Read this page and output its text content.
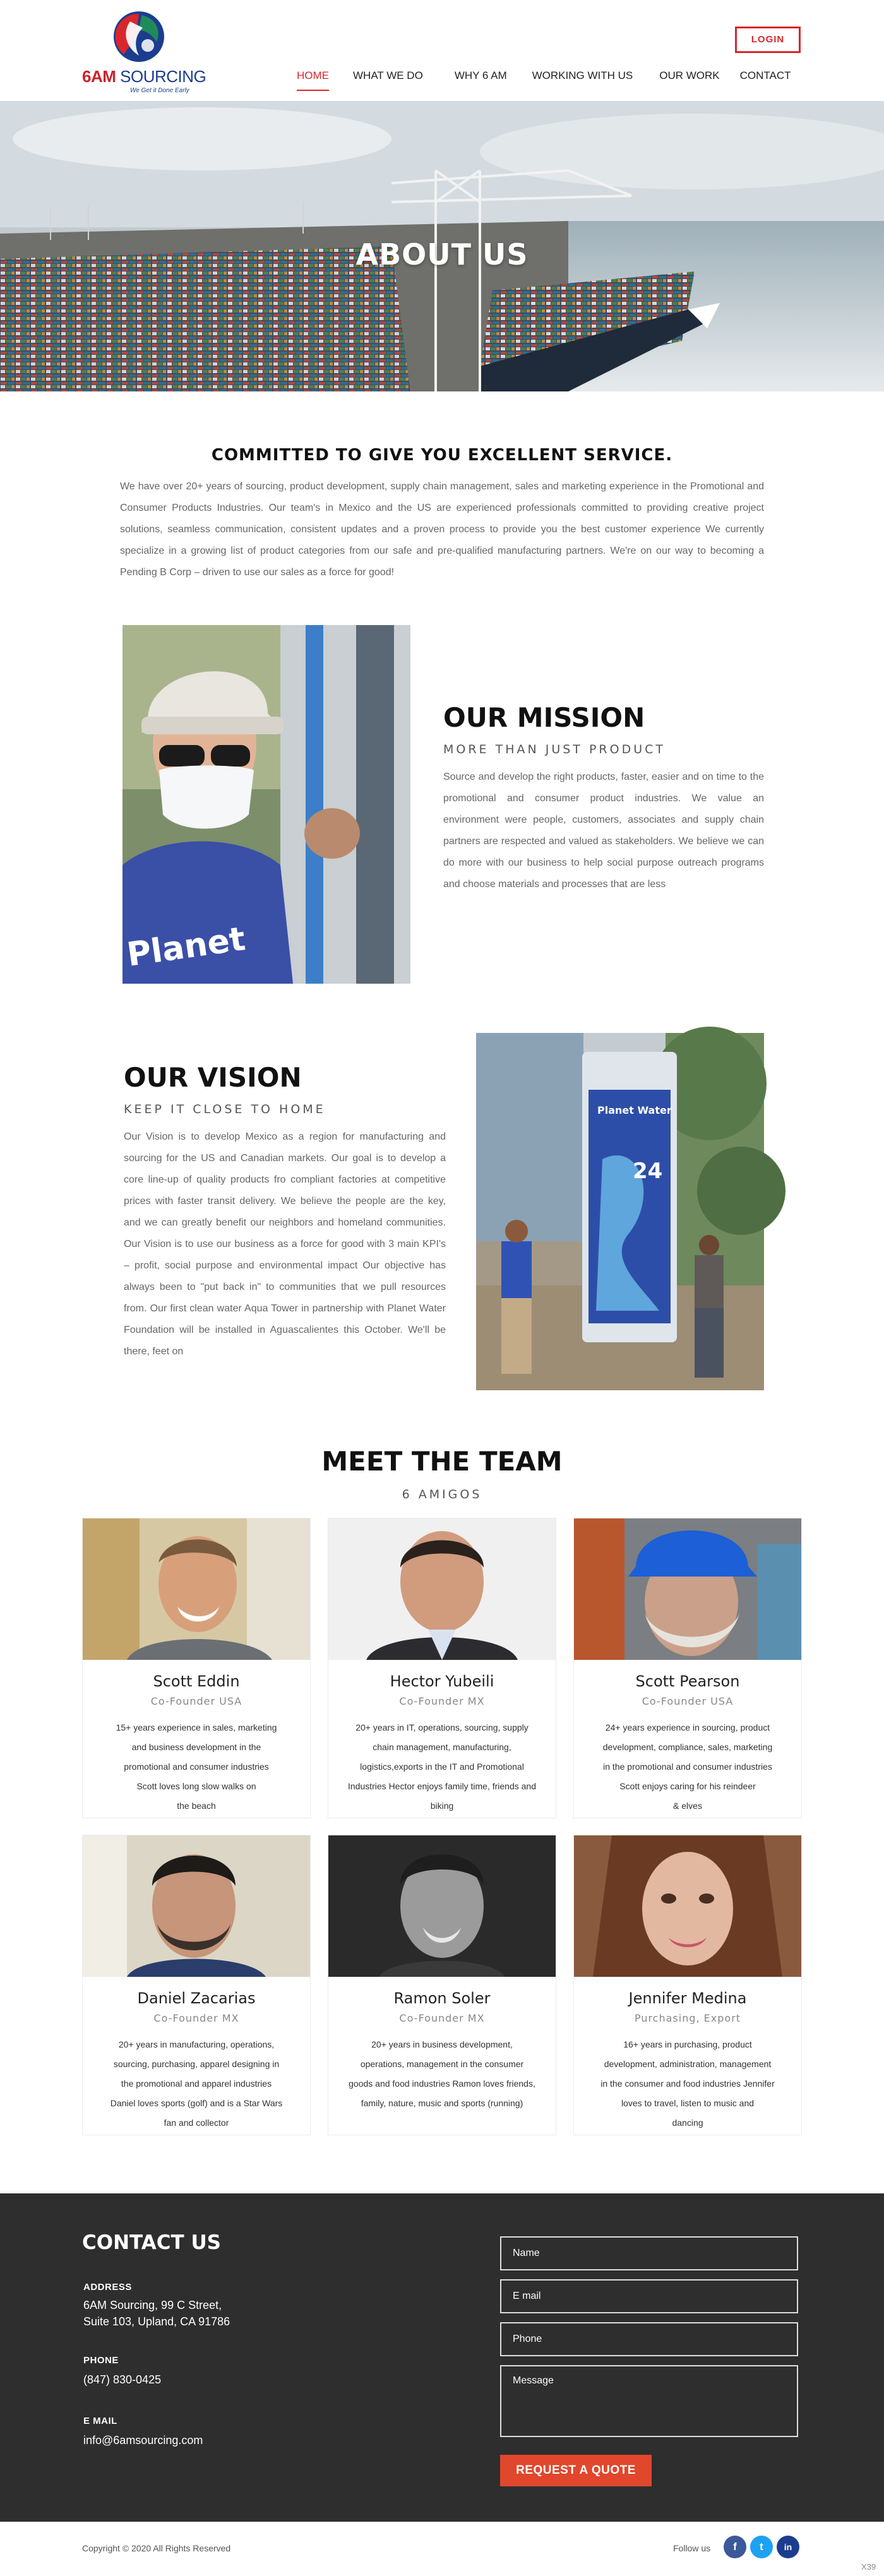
6AM SOURCING
We Get it Done Early
LOGIN
HOME WHAT WE DO	WHY 6 AM WORKING WITH US OUR WORK CONTACT
ABOUT US
COMMITTED TO GIVE YOU EXCELLENT SERVICE.

We have over 20+ years of sourcing, product development, supply chain management, sales and marketing experience in the Promotional and Consumer Products Industries. Our team's in Mexico and the US are experienced professionals committed to providing creative project solutions, seamless communication, consistent updates and a proven process to provide you the best customer experience We currently specialize in a growing list of product categories from our safe and pre-qualified manufacturing partners. We're on our way to becoming a Pending B Corp – driven to use our sales as a force for good!

Planet
OUR MISSION
MORE THAN JUST PRODUCT

Source and develop the right products, faster, easier and on time to the promotional and consumer product industries. We value an environment were people, customers, associates and supply chain partners are respected and valued as stakeholders. We believe we can do more with our business to help social purpose outreach programs and choose materials and processes that are less

OUR VISION
KEEP IT CLOSE TO HOME

Our Vision is to develop Mexico as a region for manufacturing and sourcing for the US and Canadian markets. Our goal is to develop a core line-up of quality products fro compliant factories at competitive prices with faster transit delivery. We believe the people are the key, and we can greatly benefit our neighbors and homeland communities. Our Vision is to use our business as a force for good with 3 main KPI's – profit, social purpose and environmental impact Our objective has always been to "put back in" to communities that we pull resources from. Our first clean water Aqua Tower in partnership with Planet Water Foundation will be installed in Aguascalientes this October. We'll be there, feet on

Planet Water
24
MEET THE TEAM
6 AMIGOS
Scott Eddin
Co-Founder USA
15+ years experience in sales, marketing
and business development in the
promotional and consumer industries
Scott loves long slow walks on
the beach
Hector Yubeili
Co-Founder MX
20+ years in IT, operations, sourcing, supply
chain management, manufacturing,
logistics,exports in the IT and Promotional
Industries Hector enjoys family time, friends and
biking
Scott Pearson
Co-Founder USA
24+ years experience in sourcing, product
development, compliance, sales, marketing
in the promotional and consumer industries
Scott enjoys caring for his reindeer
& elves
Daniel Zacarias
Co-Founder MX
20+ years in manufacturing, operations,
sourcing, purchasing, apparel designing in
the promotional and apparel industries
Daniel loves sports (golf) and is a Star Wars
fan and collector
Ramon Soler
Co-Founder MX
20+ years in business development,
operations, management in the consumer
goods and food industries Ramon loves friends,
family, nature, music and sports (running)
Jennifer Medina
Purchasing, Export
16+ years in purchasing, product
development, administration, management
in the consumer and food industries Jennifer
loves to travel, listen to music and
dancing
CONTACT US
ADDRESS
6AM Sourcing, 99 C Street,
Suite 103, Upland, CA 91786
PHONE
(847) 830-0425
E MAIL
info@6amsourcing.com
Name
E mail
Phone
Message
REQUEST A QUOTE
Copyright © 2020 All Rights Reserved	Follow us	f	t	in
X39
